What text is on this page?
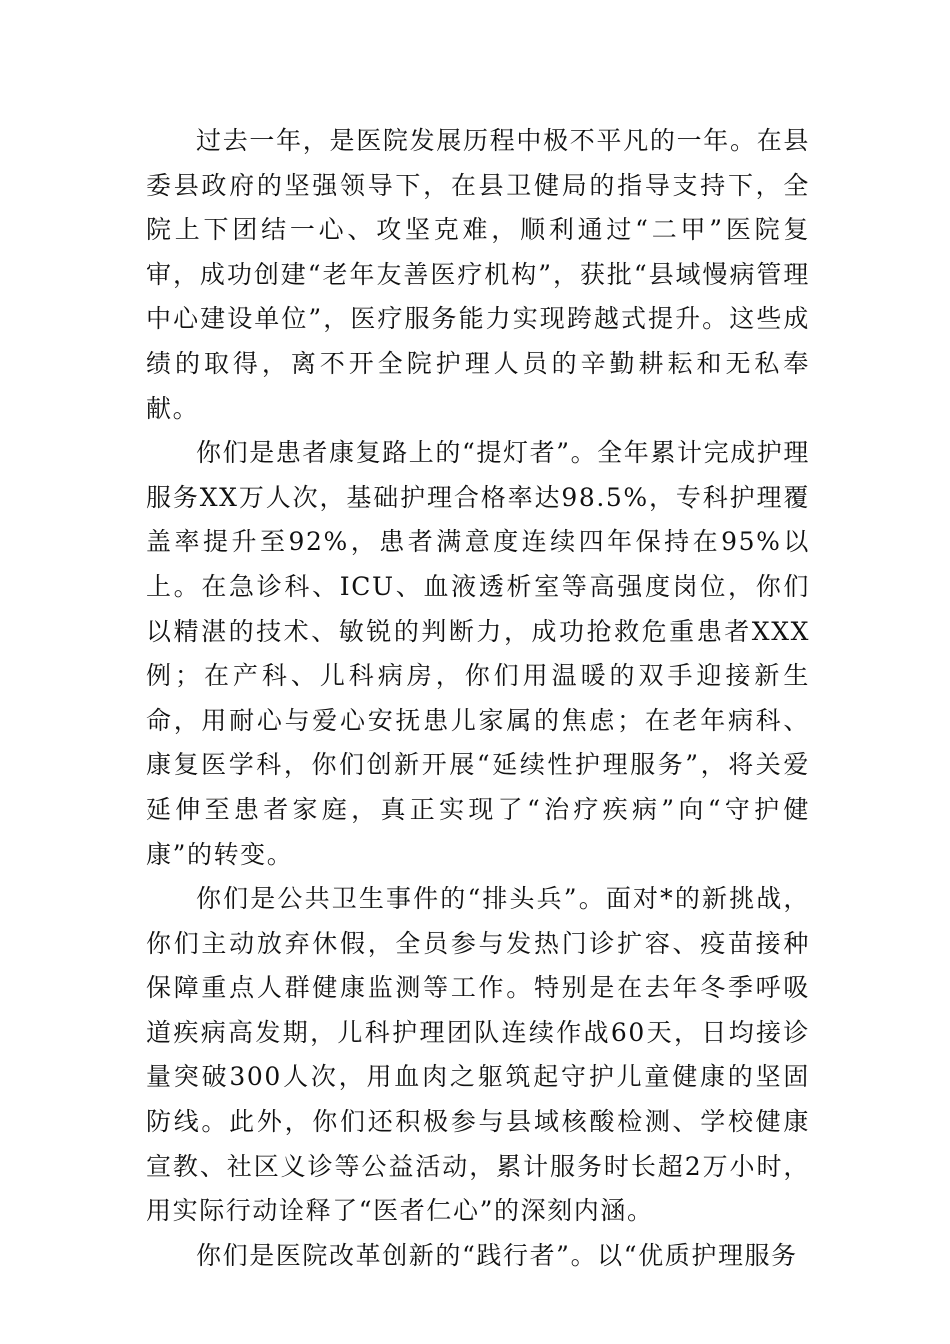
过去一年，是医院发展历程中极不平凡的一年。在县委县政府的坚强领导下，在县卫健局的指导支持下，全院上下团结一心、攻坚克难，顺利通过“二甲”医院复审，成功创建“老年友善医疗机构”，获批“县域慢病管理中心建设单位”，医疗服务能力实现跨越式提升。这些成绩的取得，离不开全院护理人员的辛勤耕耘和无私奉献。

你们是患者康复路上的“提灯者”。全年累计完成护理服务XX万人次，基础护理合格率达98.5%，专科护理覆盖率提升至92%，患者满意度连续四年保持在95%以上。在急诊科、ICU、血液透析室等高强度岗位，你们以精湛的技术、敏锐的判断力，成功抢救危重患者XXX例；在产科、儿科病房，你们用温暖的双手迎接新生命，用耐心与爱心安抚患儿家属的焦虑；在老年病科、康复医学科，你们创新开展“延续性护理服务”，将关爱延伸至患者家庭，真正实现了“治疗疾病”向“守护健康”的转变。

你们是公共卫生事件的“排头兵”。面对*的新挑战，你们主动放弃休假，全员参与发热门诊扩容、疫苗接种保障重点人群健康监测等工作。特别是在去年冬季呼吸道疾病高发期，儿科护理团队连续作战60天，日均接诊量突破300人次，用血肉之躯筑起守护儿童健康的坚固防线。此外，你们还积极参与县域核酸检测、学校健康宣教、社区义诊等公益活动，累计服务时长超2万小时，用实际行动诠释了“医者仁心”的深刻内涵。

你们是医院改革创新的“践行者”。以“优质护理服务
